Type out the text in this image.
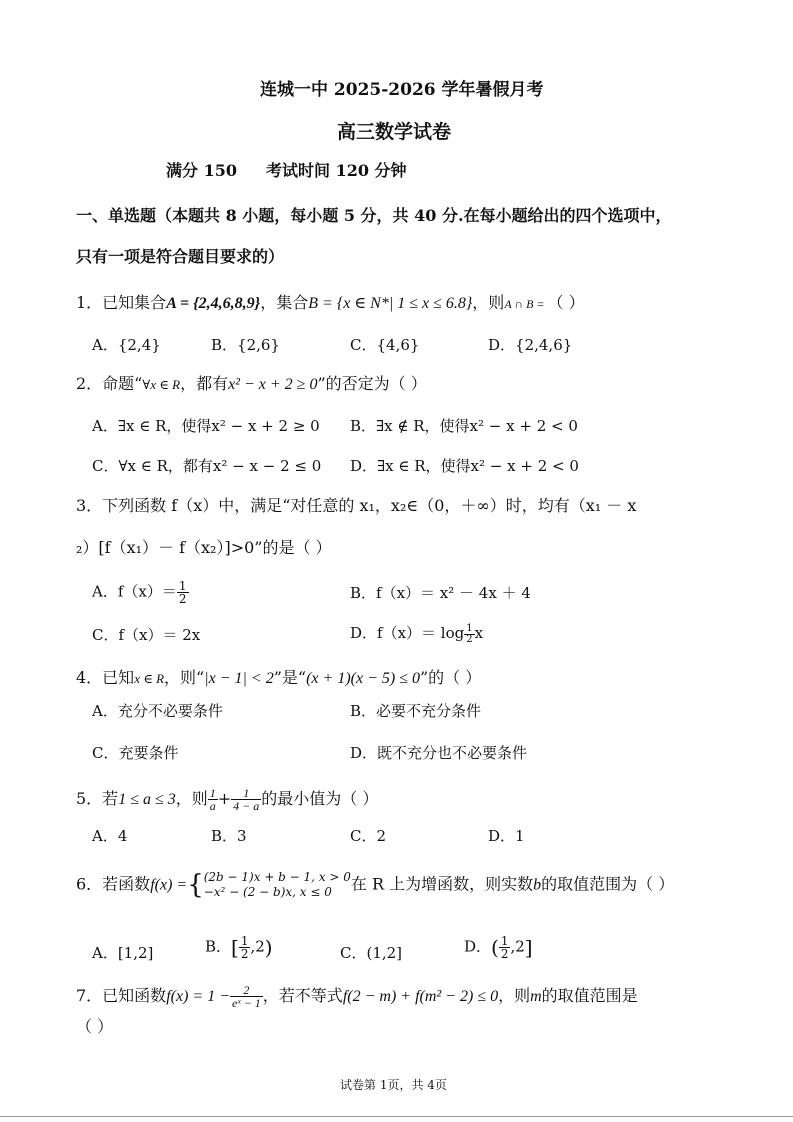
连城一中 2025-2026 学年暑假月考
高三数学试卷
满分 150 考试时间 120 分钟
一、单选题（本题共 8 小题，每小题 5 分，共 40 分.在每小题给出的四个选项中，
只有一项是符合题目要求的）
1．已知集合A = {2,4,6,8,9}，集合B = {x ∈ N*| 1 ≤ x ≤ 6.8}，则A ∩ B = （ ）
A．{2,4}	B．{2,6}	C．{4,6}	D．{2,4,6}
2．命题“∀x ∈ R，都有x² − x + 2 ≥ 0”的否定为（ ）
A．∃x ∈ R，使得x² − x + 2 ≥ 0 B．∃x ∉ R，使得x² − x + 2 < 0
C．∀x ∈ R，都有x² − x − 2 ≤ 0 D．∃x ∈ R，使得x² − x + 2 < 0
3．下列函数 f（x）中，满足“对任意的 x₁，x₂∈（0，＋∞）时，均有（x₁ － x
₂）[f（x₁）－ f（x₂）]>0”的是（ ）
A．$f(x)= \frac{1}{2}$	B．f（x）＝ x² － 4x ＋ 4
C．f（x）＝ 2x	D．$f(x)= \log \frac{1}{2}$ x
4．已知x ∈ R，则“|x − 1| < 2”是“(x + 1)(x − 5) ≤ 0”的（ ）
A．充分不必要条件	B．必要不充分条件
C．充要条件	D．既不充分也不必要条件
5．若1 ≤ a ≤ 3，则 $\frac{1}{a} + \frac{1}{4 - a}$ 的最小值为（ ）
A．4	B．3	C．2	D．1
6．若函数f(x) ={ (2b − 1)x + b − 1, x > 0
−x² − (2 − b)x, x ≤ 0	在 R 上为增函数，则实数b的取值范围为（ ）
A．[1,2]	B．[ $\frac{1}{2} ,2$)	C．(1,2]	D．( $\frac{1}{2} ,2$]
7．已知函数$f(x) = 1 - \frac{2}{\text{eˣ − 1}}$ ，若不等式f(2 − m) + f(m² − 2) ≤ 0，则m的取值范围是
（ ）
试卷第 1页，共 4页
